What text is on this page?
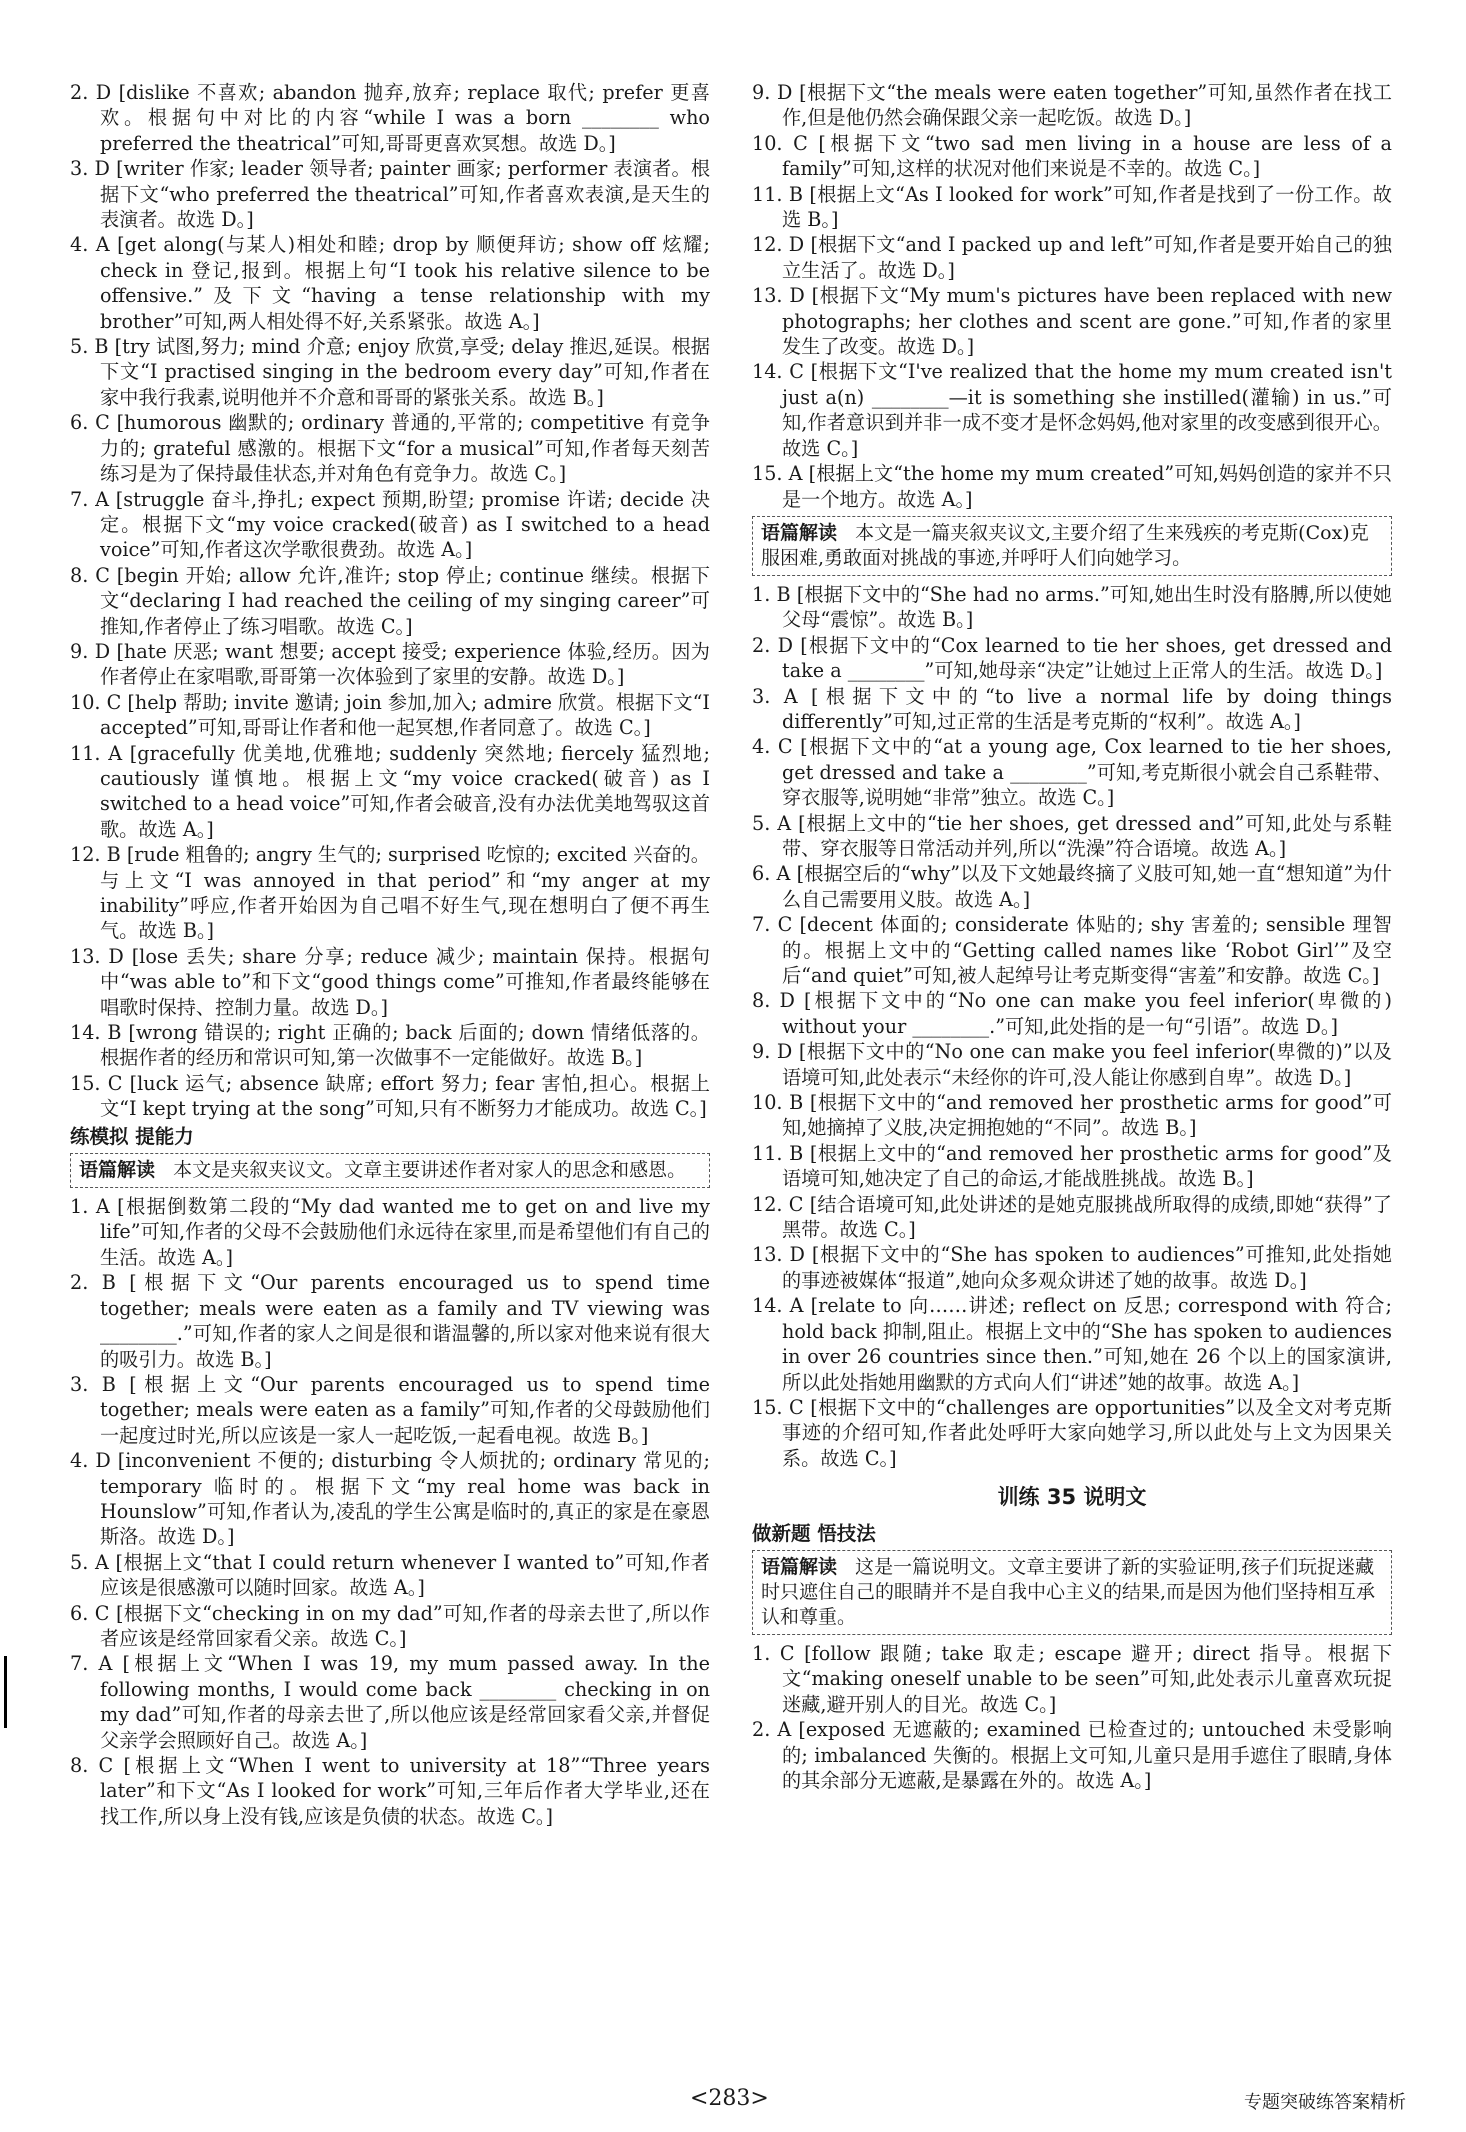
2. D [dislike 不喜欢; abandon 抛弃,放弃; replace 取代; prefer 更喜欢。根据句中对比的内容“while I was a born ________ who preferred the theatrical”可知,哥哥更喜欢冥想。故选 D。]
3. D [writer 作家; leader 领导者; painter 画家; performer 表演者。根据下文“who preferred the theatrical”可知,作者喜欢表演,是天生的表演者。故选 D。]
4. A [get along(与某人)相处和睦; drop by 顺便拜访; show off 炫耀; check in 登记,报到。根据上句“I took his relative silence to be offensive.”及下文“having a tense relationship with my brother”可知,两人相处得不好,关系紧张。故选 A。]
5. B [try 试图,努力; mind 介意; enjoy 欣赏,享受; delay 推迟,延误。根据下文“I practised singing in the bedroom every day”可知,作者在家中我行我素,说明他并不介意和哥哥的紧张关系。故选 B。]
6. C [humorous 幽默的; ordinary 普通的,平常的; competitive 有竞争力的; grateful 感激的。根据下文“for a musical”可知,作者每天刻苦练习是为了保持最佳状态,并对角色有竞争力。故选 C。]
7. A [struggle 奋斗,挣扎; expect 预期,盼望; promise 许诺; decide 决定。根据下文“my voice cracked(破音) as I switched to a head voice”可知,作者这次学歌很费劲。故选 A。]
8. C [begin 开始; allow 允许,准许; stop 停止; continue 继续。根据下文“declaring I had reached the ceiling of my singing career”可推知,作者停止了练习唱歌。故选 C。]
9. D [hate 厌恶; want 想要; accept 接受; experience 体验,经历。因为作者停止在家唱歌,哥哥第一次体验到了家里的安静。故选 D。]
10. C [help 帮助; invite 邀请; join 参加,加入; admire 欣赏。根据下文“I accepted”可知,哥哥让作者和他一起冥想,作者同意了。故选 C。]
11. A [gracefully 优美地,优雅地; suddenly 突然地; fiercely 猛烈地; cautiously 谨慎地。根据上文“my voice cracked(破音) as I switched to a head voice”可知,作者会破音,没有办法优美地驾驭这首歌。故选 A。]
12. B [rude 粗鲁的; angry 生气的; surprised 吃惊的; excited 兴奋的。与上文“I was annoyed in that period”和“my anger at my inability”呼应,作者开始因为自己唱不好生气,现在想明白了便不再生气。故选 B。]
13. D [lose 丢失; share 分享; reduce 减少; maintain 保持。根据句中“was able to”和下文“good things come”可推知,作者最终能够在唱歌时保持、控制力量。故选 D。]
14. B [wrong 错误的; right 正确的; back 后面的; down 情绪低落的。根据作者的经历和常识可知,第一次做事不一定能做好。故选 B。]
15. C [luck 运气; absence 缺席; effort 努力; fear 害怕,担心。根据上文“I kept trying at the song”可知,只有不断努力才能成功。故选 C。]
练模拟 提能力
语篇解读 本文是夹叙夹议文。文章主要讲述作者对家人的思念和感恩。
1. A [根据倒数第二段的“My dad wanted me to get on and live my life”可知,作者的父母不会鼓励他们永远待在家里,而是希望他们有自己的生活。故选 A。]
2. B [根据下文“Our parents encouraged us to spend time together; meals were eaten as a family and TV viewing was ________.”可知,作者的家人之间是很和谐温馨的,所以家对他来说有很大的吸引力。故选 B。]
3. B [根据上文“Our parents encouraged us to spend time together; meals were eaten as a family”可知,作者的父母鼓励他们一起度过时光,所以应该是一家人一起吃饭,一起看电视。故选 B。]
4. D [inconvenient 不便的; disturbing 令人烦扰的; ordinary 常见的; temporary 临时的。根据下文“my real home was back in Hounslow”可知,作者认为,凌乱的学生公寓是临时的,真正的家是在豪恩斯洛。故选 D。]
5. A [根据上文“that I could return whenever I wanted to”可知,作者应该是很感激可以随时回家。故选 A。]
6. C [根据下文“checking in on my dad”可知,作者的母亲去世了,所以作者应该是经常回家看父亲。故选 C。]
7. A [根据上文“When I was 19, my mum passed away. In the following months, I would come back ________ checking in on my dad”可知,作者的母亲去世了,所以他应该是经常回家看父亲,并督促父亲学会照顾好自己。故选 A。]
8. C [根据上文“When I went to university at 18”“Three years later”和下文“As I looked for work”可知,三年后作者大学毕业,还在找工作,所以身上没有钱,应该是负债的状态。故选 C。]
9. D [根据下文“the meals were eaten together”可知,虽然作者在找工作,但是他仍然会确保跟父亲一起吃饭。故选 D。]
10. C [根据下文“two sad men living in a house are less of a family”可知,这样的状况对他们来说是不幸的。故选 C。]
11. B [根据上文“As I looked for work”可知,作者是找到了一份工作。故选 B。]
12. D [根据下文“and I packed up and left”可知,作者是要开始自己的独立生活了。故选 D。]
13. D [根据下文“My mum's pictures have been replaced with new photographs; her clothes and scent are gone.”可知,作者的家里发生了改变。故选 D。]
14. C [根据下文“I've realized that the home my mum created isn't just a(n) ________—it is something she instilled(灌输) in us.”可知,作者意识到并非一成不变才是怀念妈妈,他对家里的改变感到很开心。故选 C。]
15. A [根据上文“the home my mum created”可知,妈妈创造的家并不只是一个地方。故选 A。]
语篇解读 本文是一篇夹叙夹议文,主要介绍了生来残疾的考克斯(Cox)克服困难,勇敢面对挑战的事迹,并呼吁人们向她学习。
1. B [根据下文中的“She had no arms.”可知,她出生时没有胳膊,所以使她父母“震惊”。故选 B。]
2. D [根据下文中的“Cox learned to tie her shoes, get dressed and take a ________”可知,她母亲“决定”让她过上正常人的生活。故选 D。]
3. A [根据下文中的“to live a normal life by doing things differently”可知,过正常的生活是考克斯的“权利”。故选 A。]
4. C [根据下文中的“at a young age, Cox learned to tie her shoes, get dressed and take a ________”可知,考克斯很小就会自己系鞋带、穿衣服等,说明她“非常”独立。故选 C。]
5. A [根据上文中的“tie her shoes, get dressed and”可知,此处与系鞋带、穿衣服等日常活动并列,所以“洗澡”符合语境。故选 A。]
6. A [根据空后的“why”以及下文她最终摘了义肢可知,她一直“想知道”为什么自己需要用义肢。故选 A。]
7. C [decent 体面的; considerate 体贴的; shy 害羞的; sensible 理智的。根据上文中的“Getting called names like ‘Robot Girl’”及空后“and quiet”可知,被人起绰号让考克斯变得“害羞”和安静。故选 C。]
8. D [根据下文中的“No one can make you feel inferior(卑微的) without your ________.”可知,此处指的是一句“引语”。故选 D。]
9. D [根据下文中的“No one can make you feel inferior(卑微的)”以及语境可知,此处表示“未经你的许可,没人能让你感到自卑”。故选 D。]
10. B [根据下文中的“and removed her prosthetic arms for good”可知,她摘掉了义肢,决定拥抱她的“不同”。故选 B。]
11. B [根据上文中的“and removed her prosthetic arms for good”及语境可知,她决定了自己的命运,才能战胜挑战。故选 B。]
12. C [结合语境可知,此处讲述的是她克服挑战所取得的成绩,即她“获得”了黑带。故选 C。]
13. D [根据下文中的“She has spoken to audiences”可推知,此处指她的事迹被媒体“报道”,她向众多观众讲述了她的故事。故选 D。]
14. A [relate to 向……讲述; reflect on 反思; correspond with 符合; hold back 抑制,阻止。根据上文中的“She has spoken to audiences in over 26 countries since then.”可知,她在 26 个以上的国家演讲,所以此处指她用幽默的方式向人们“讲述”她的故事。故选 A。]
15. C [根据下文中的“challenges are opportunities”以及全文对考克斯事迹的介绍可知,作者此处呼吁大家向她学习,所以此处与上文为因果关系。故选 C。]
训练 35 说明文
做新题 悟技法
语篇解读 这是一篇说明文。文章主要讲了新的实验证明,孩子们玩捉迷藏时只遮住自己的眼睛并不是自我中心主义的结果,而是因为他们坚持相互承认和尊重。
1. C [follow 跟随; take 取走; escape 避开; direct 指导。根据下文“making oneself unable to be seen”可知,此处表示儿童喜欢玩捉迷藏,避开别人的目光。故选 C。]
2. A [exposed 无遮蔽的; examined 已检查过的; untouched 未受影响的; imbalanced 失衡的。根据上文可知,儿童只是用手遮住了眼睛,身体的其余部分无遮蔽,是暴露在外的。故选 A。]
<283>	专题突破练答案精析
